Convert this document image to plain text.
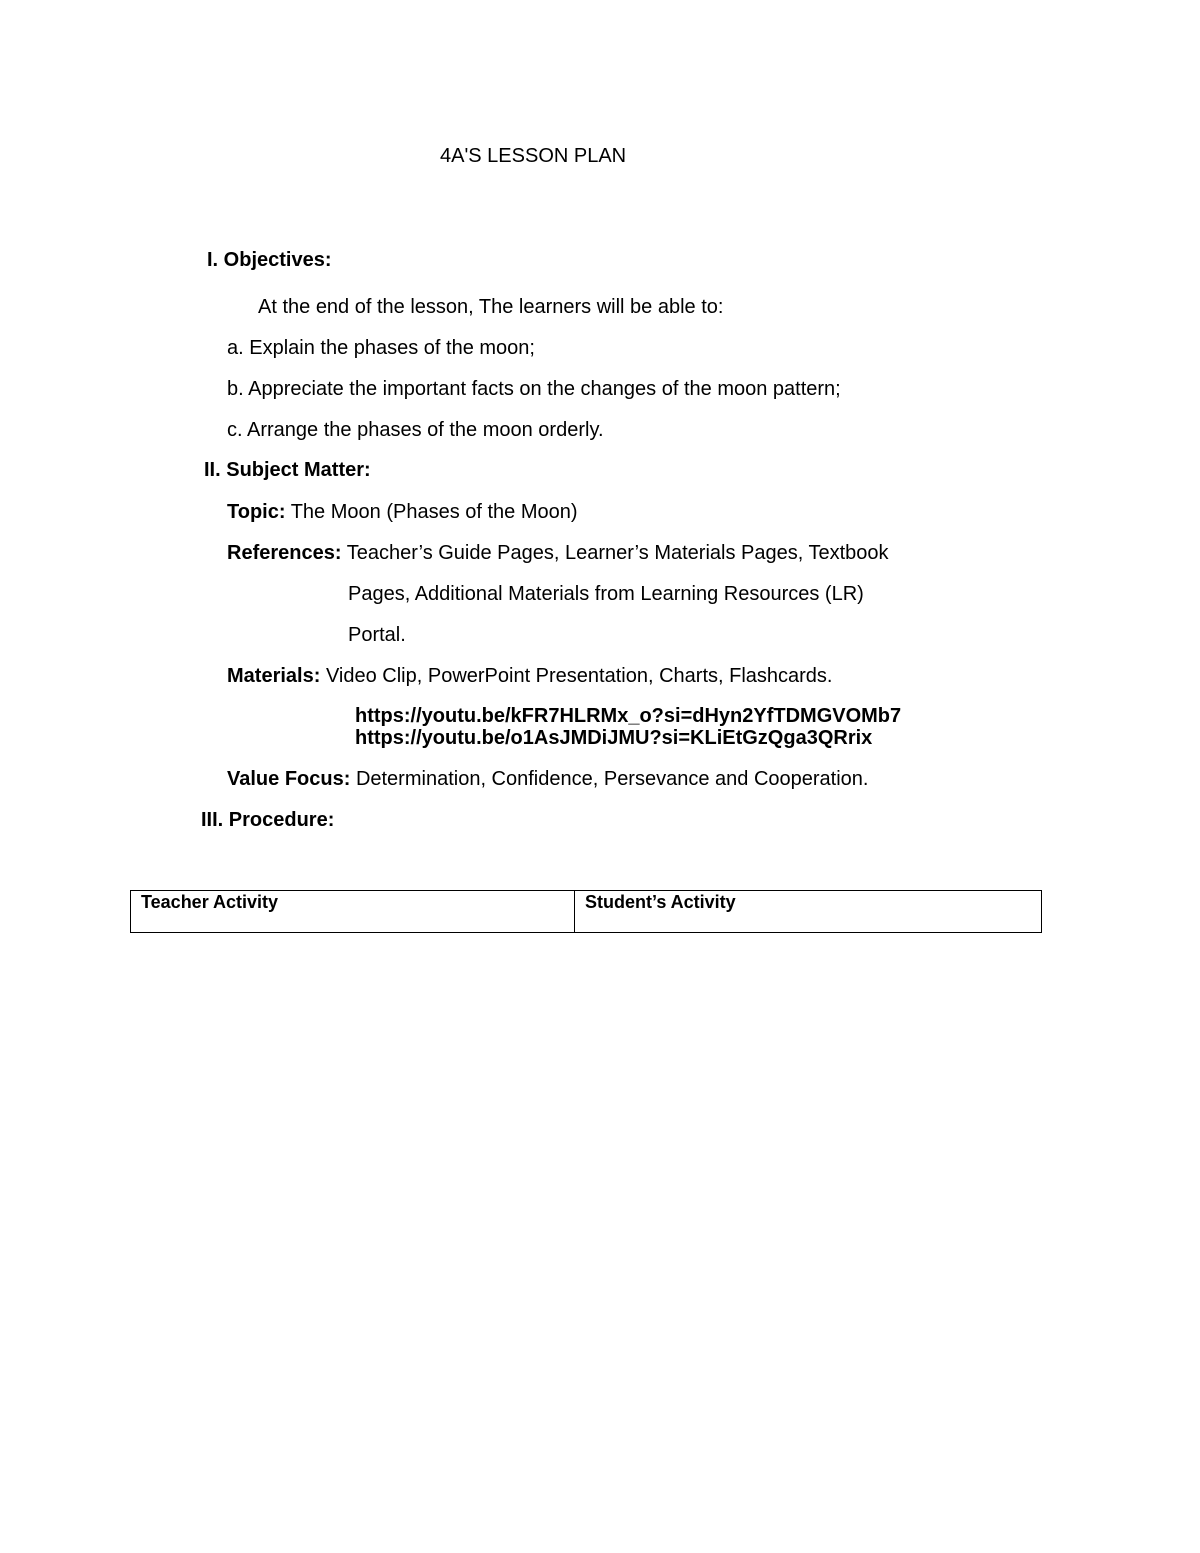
4A'S LESSON PLAN
I. Objectives:
At the end of the lesson, The learners will be able to:
a. Explain the phases of the moon;
b. Appreciate the important facts on the changes of the moon pattern;
c. Arrange the phases of the moon orderly.
II. Subject Matter:
Topic: The Moon (Phases of the Moon)
References: Teacher’s Guide Pages, Learner’s Materials Pages, Textbook
Pages, Additional Materials from Learning Resources (LR)
Portal.
Materials: Video Clip, PowerPoint Presentation, Charts, Flashcards.
https://youtu.be/kFR7HLRMx_o?si=dHyn2YfTDMGVOMb7
https://youtu.be/o1AsJMDiJMU?si=KLiEtGzQga3QRrix
Value Focus: Determination, Confidence, Persevance and Cooperation.
III. Procedure:
Teacher Activity	Student’s Activity
